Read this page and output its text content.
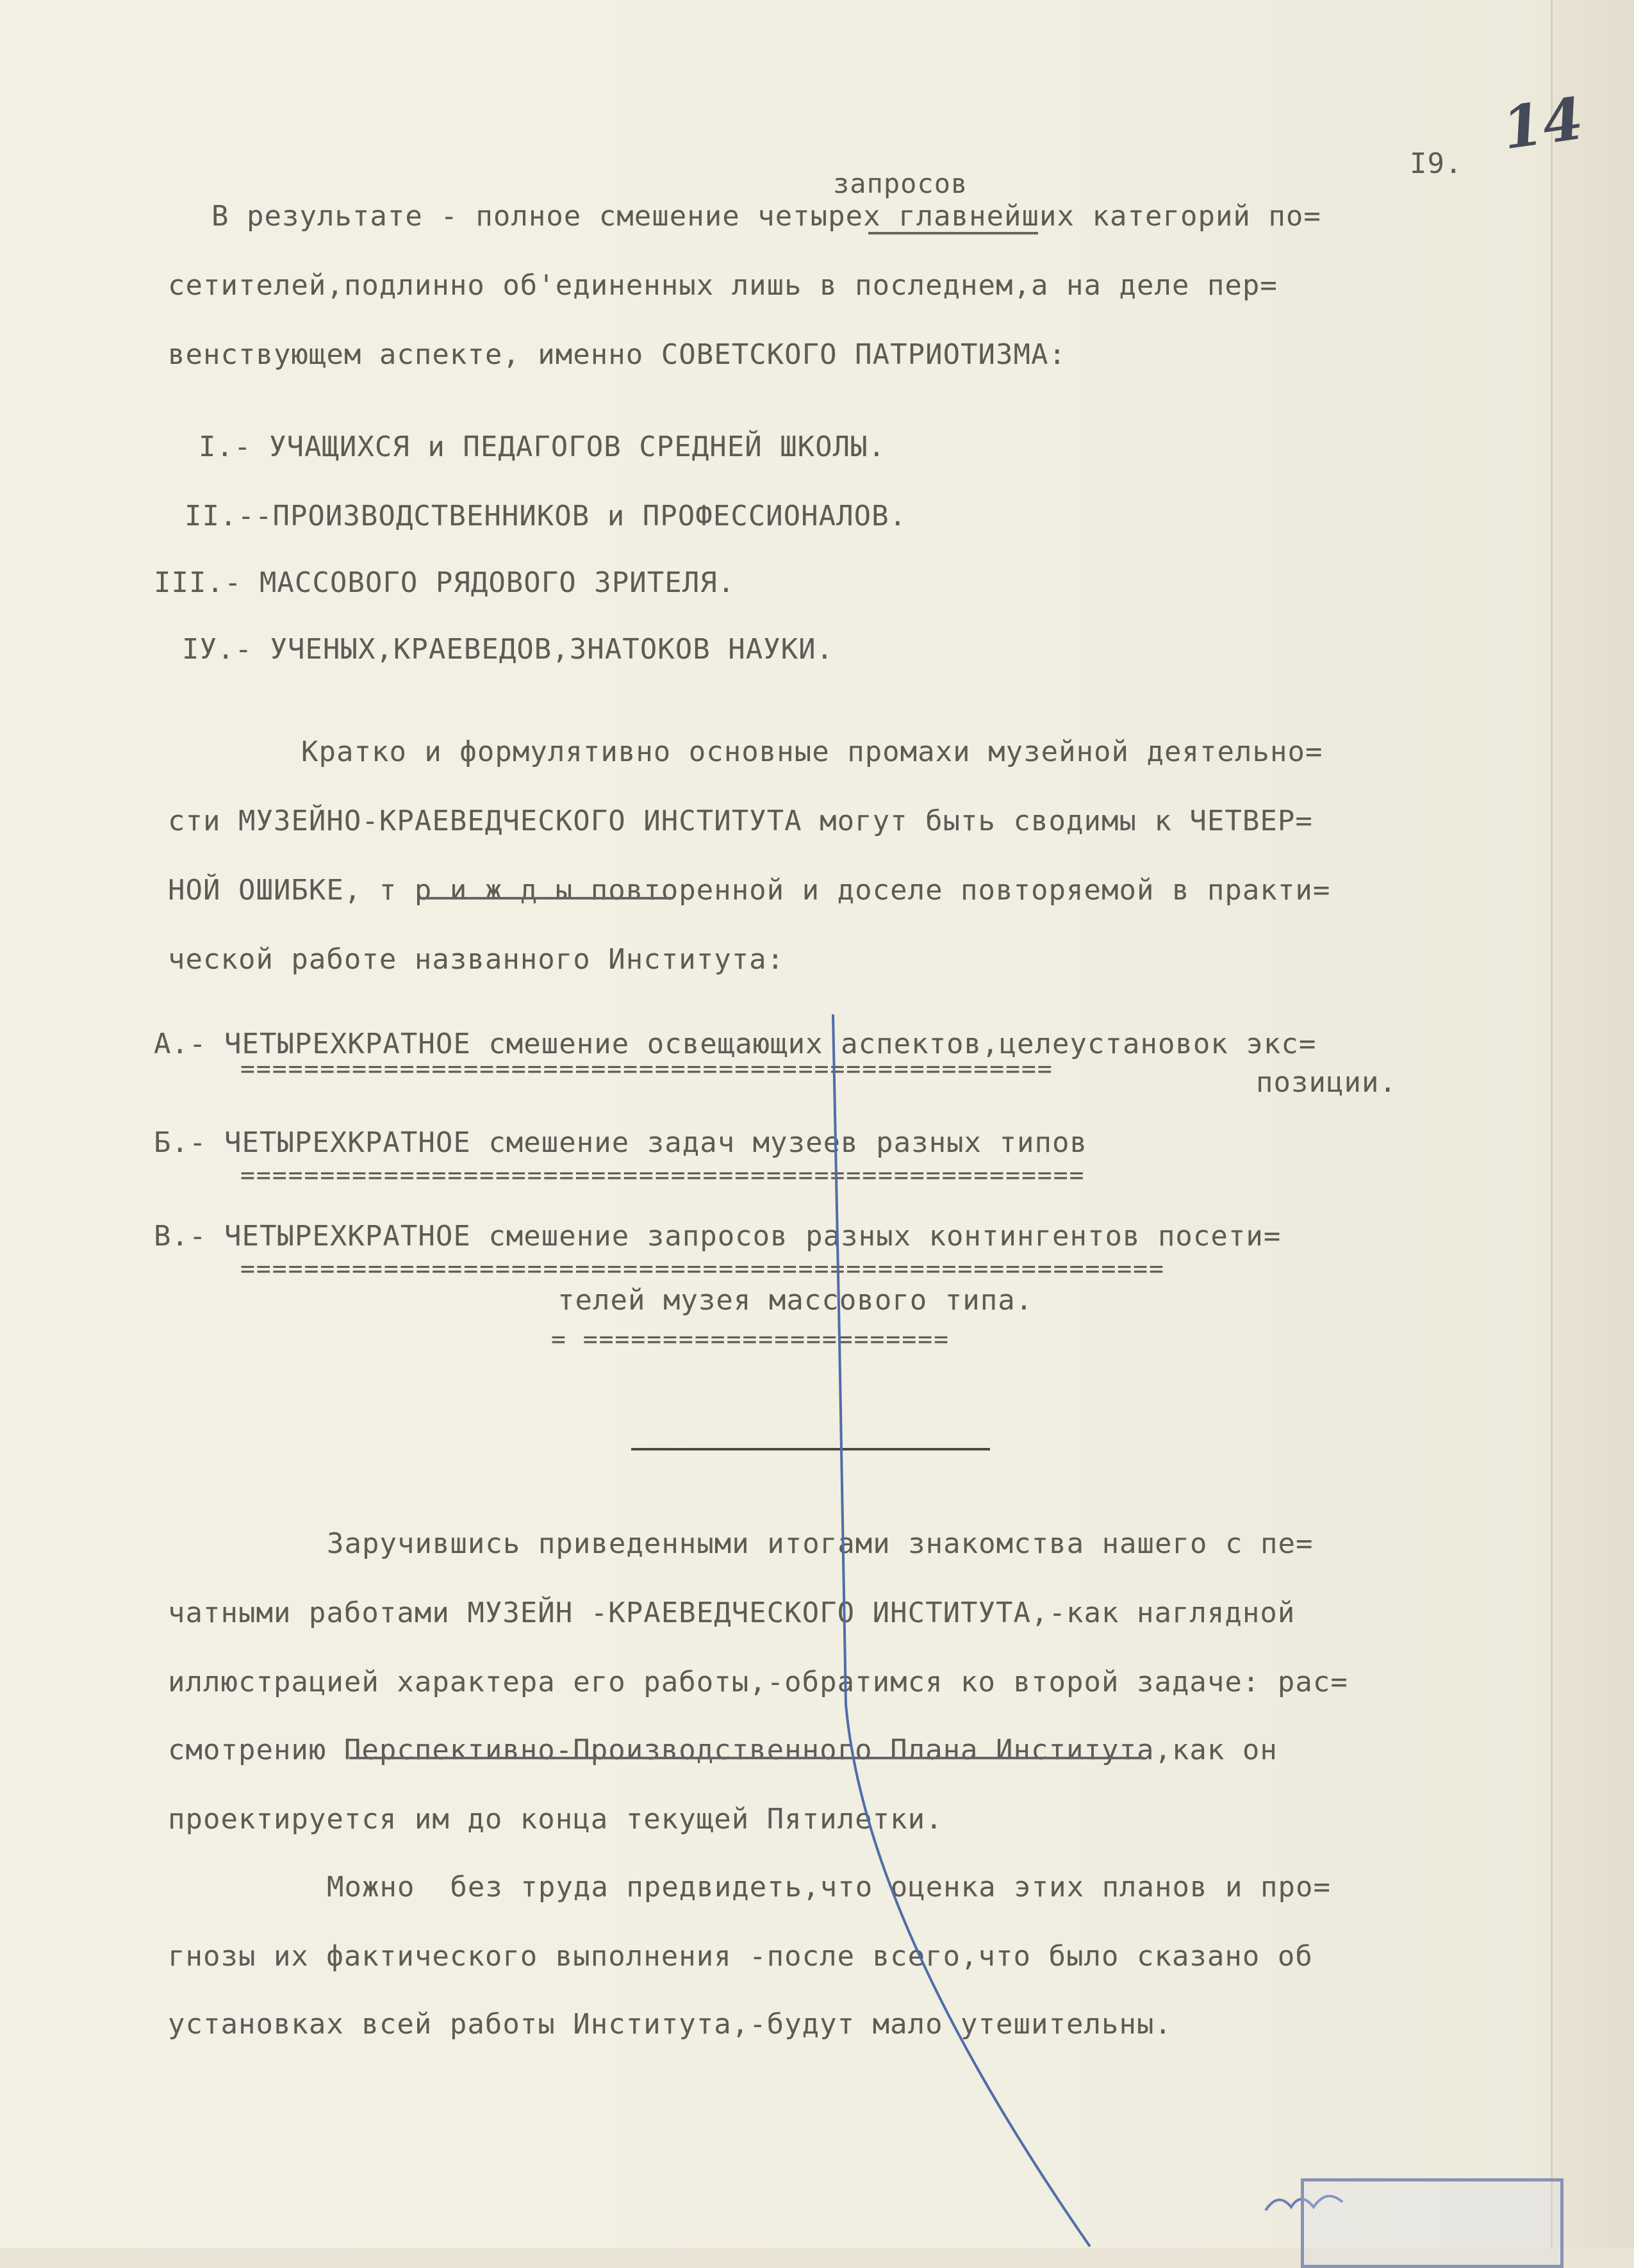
14
I9.
запросов
В результате - полное смешение четырех главнейших категорий по=
сетителей,подлинно об'единенных лишь в последнем,а на деле пер=
венствующем аспекте, именно СОВЕТСКОГО ПАТРИОТИЗМА:
I.- УЧАЩИХСЯ и ПЕДАГОГОВ СРЕДНЕЙ ШКОЛЫ.
II.--ПРОИЗВОДСТВЕННИКОВ и ПРОФЕССИОНАЛОВ.
III.- МАССОВОГО РЯДОВОГО ЗРИТЕЛЯ.
IУ.- УЧЕНЫХ,КРАЕВЕДОВ,ЗНАТОКОВ НАУКИ.
Кратко и формулятивно основные промахи музейной деятельно=
сти МУЗЕЙНО-КРАЕВЕДЧЕСКОГО ИНСТИТУТА могут быть сводимы к ЧЕТВЕР=
НОЙ ОШИБКЕ, т р и ж д ы повторенной и доселе повторяемой в практи=
ческой работе названного Института:
А.- ЧЕТЫРЕХКРАТНОЕ смешение освещающих аспектов,целеустановок экс=
===================================================	позиции.
Б.- ЧЕТЫРЕХКРАТНОЕ смешение задач музеев разных типов
=====================================================
В.- ЧЕТЫРЕХКРАТНОЕ смешение запросов разных контингентов посети=
==========================================================
телей музея массового типа.
= =======================
Заручившись приведенными итогами знакомства нашего с пе=
чатными работами МУЗЕЙН -КРАЕВЕДЧЕСКОГО ИНСТИТУТА,-как наглядной
иллюстрацией характера его работы,-обратимся ко второй задаче: рас=
смотрению Перспективно-Производственного Плана Института,как он
проектируется им до конца текущей Пятилетки.
Можно  без труда предвидеть,что оценка этих планов и про=
гнозы их фактического выполнения -после всего,что было сказано об
установках всей работы Института,-будут мало утешительны.
